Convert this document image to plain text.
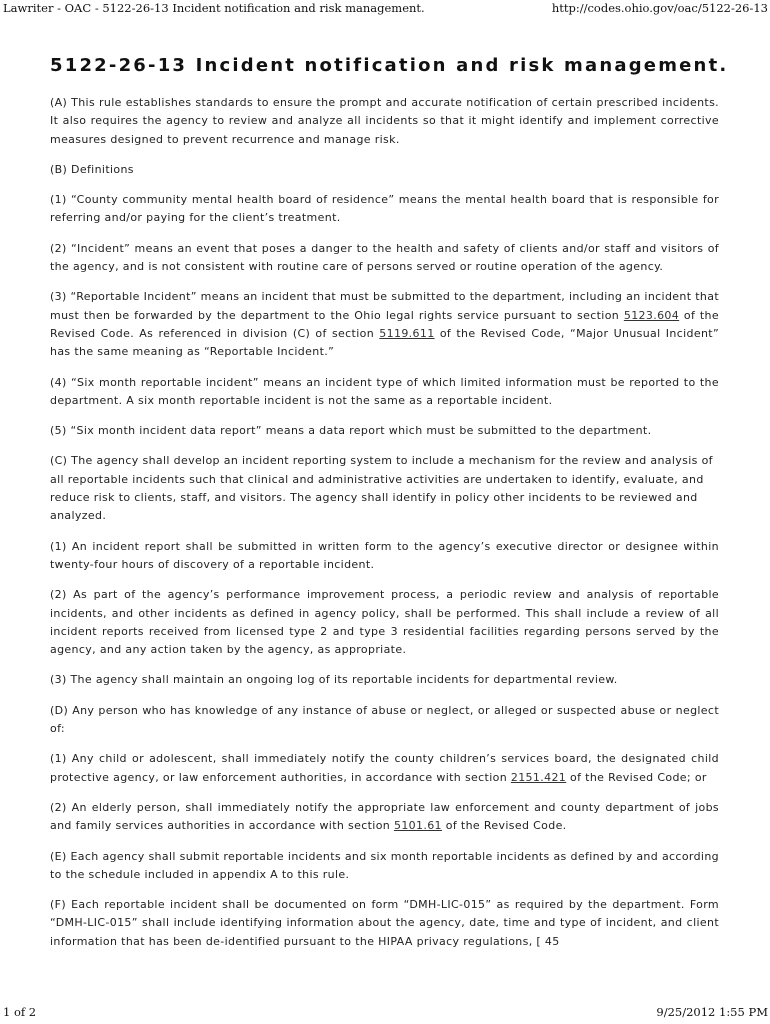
Lawriter - OAC - 5122-26-13 Incident notification and risk management.	http://codes.ohio.gov/oac/5122-26-13
5122-26-13 Incident notification and risk management.

(A) This rule establishes standards to ensure the prompt and accurate notification of certain prescribed incidents. It also requires the agency to review and analyze all incidents so that it might identify and implement corrective measures designed to prevent recurrence and manage risk.

(B) Definitions

(1) “County community mental health board of residence” means the mental health board that is responsible for referring and/or paying for the client’s treatment.

(2) “Incident” means an event that poses a danger to the health and safety of clients and/or staff and visitors of the agency, and is not consistent with routine care of persons served or routine operation of the agency.

(3) “Reportable Incident” means an incident that must be submitted to the department, including an incident that must then be forwarded by the department to the Ohio legal rights service pursuant to section 5123.604 of the Revised Code. As referenced in division (C) of section 5119.611 of the Revised Code, “Major Unusual Incident” has the same meaning as “Reportable Incident.”

(4) “Six month reportable incident” means an incident type of which limited information must be reported to the department. A six month reportable incident is not the same as a reportable incident.

(5) “Six month incident data report” means a data report which must be submitted to the department.

(C) The agency shall develop an incident reporting system to include a mechanism for the review and analysis of all reportable incidents such that clinical and administrative activities are undertaken to identify, evaluate, and reduce risk to clients, staff, and visitors. The agency shall identify in policy other incidents to be reviewed and analyzed.

(1) An incident report shall be submitted in written form to the agency’s executive director or designee within twenty-four hours of discovery of a reportable incident.

(2) As part of the agency’s performance improvement process, a periodic review and analysis of reportable incidents, and other incidents as defined in agency policy, shall be performed. This shall include a review of all incident reports received from licensed type 2 and type 3 residential facilities regarding persons served by the agency, and any action taken by the agency, as appropriate.

(3) The agency shall maintain an ongoing log of its reportable incidents for departmental review.

(D) Any person who has knowledge of any instance of abuse or neglect, or alleged or suspected abuse or neglect of:

(1) Any child or adolescent, shall immediately notify the county children’s services board, the designated child protective agency, or law enforcement authorities, in accordance with section 2151.421 of the Revised Code; or

(2) An elderly person, shall immediately notify the appropriate law enforcement and county department of jobs and family services authorities in accordance with section 5101.61 of the Revised Code.

(E) Each agency shall submit reportable incidents and six month reportable incidents as defined by and according to the schedule included in appendix A to this rule.

(F) Each reportable incident shall be documented on form “DMH-LIC-015” as required by the department. Form “DMH-LIC-015” shall include identifying information about the agency, date, time and type of incident, and client information that has been de-identified pursuant to the HIPAA privacy regulations, [ 45

1 of 2	9/25/2012 1:55 PM
